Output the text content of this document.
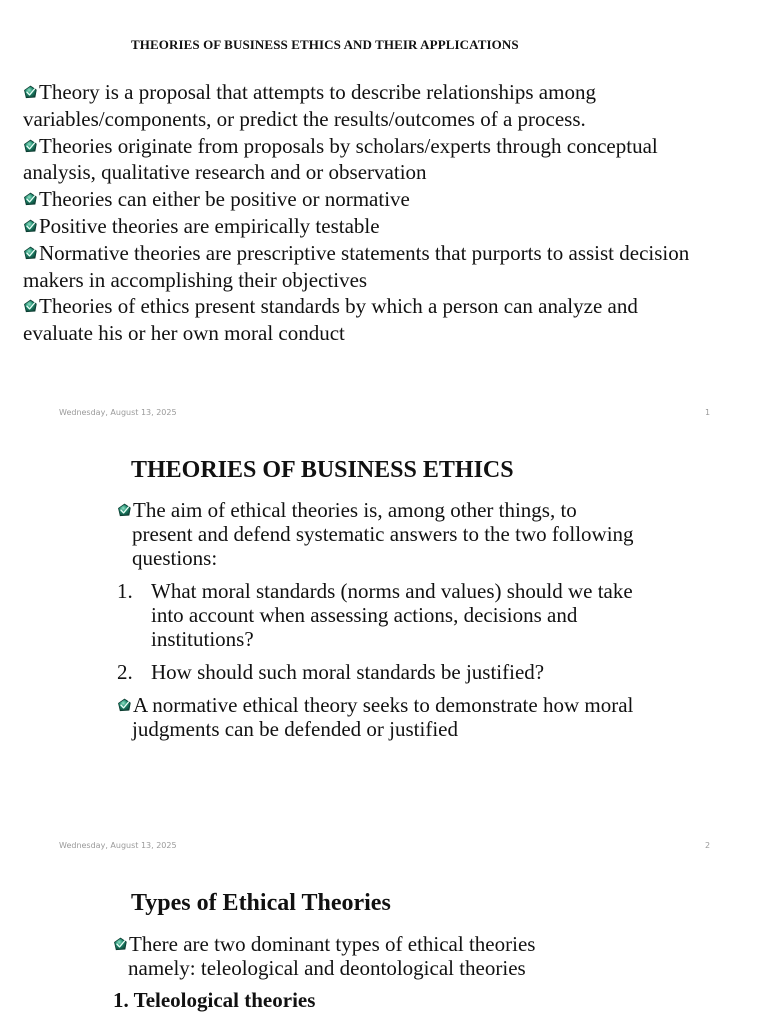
THEORIES OF BUSINESS ETHICS AND THEIR APPLICATIONS
Theory is a proposal that attempts to describe relationships among variables/components, or predict the results/outcomes of a process.
Theories originate from proposals by scholars/experts through conceptual analysis, qualitative research and or observation
Theories can either be positive or normative
Positive theories are empirically testable
Normative theories are prescriptive statements that purports to assist decision makers in accomplishing their objectives
Theories of ethics present standards by which a person can analyze and evaluate his or her own moral conduct
Wednesday, August 13, 2025	1
THEORIES OF BUSINESS ETHICS
The aim of ethical theories is, among other things, to present and defend systematic answers to the two following questions:
1. What moral standards (norms and values) should we take into account when assessing actions, decisions and institutions?
2. How should such moral standards be justified?
A normative ethical theory seeks to demonstrate how moral judgments can be defended or justified
Wednesday, August 13, 2025	2
Types of Ethical Theories
There are two dominant types of ethical theories namely: teleological and deontological theories
1. Teleological theories
